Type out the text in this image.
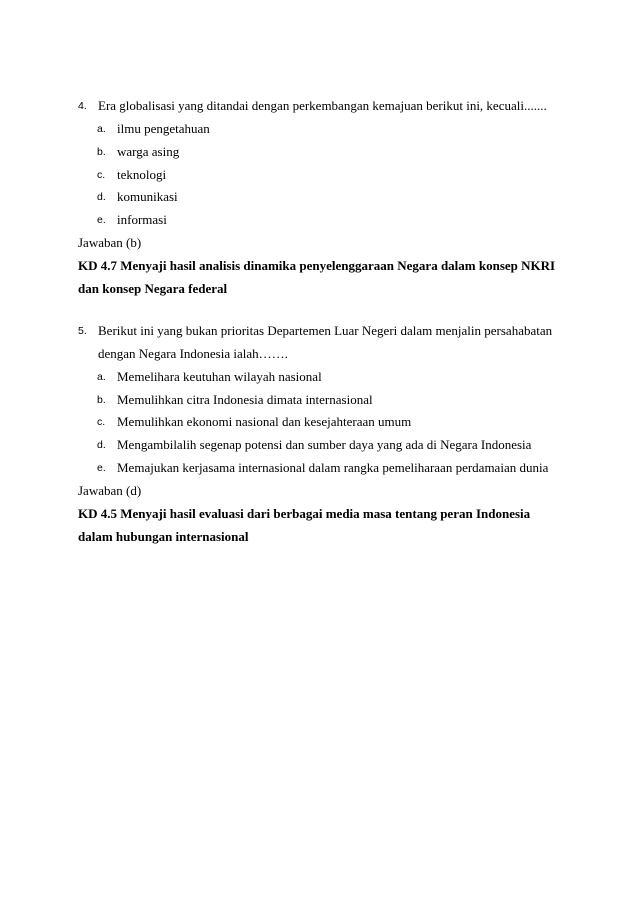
4. Era globalisasi yang ditandai dengan perkembangan kemajuan berikut ini, kecuali.......
a. ilmu pengetahuan
b. warga asing
c. teknologi
d. komunikasi
e. informasi
Jawaban (b)
KD 4.7 Menyaji hasil analisis dinamika penyelenggaraan Negara dalam konsep NKRI
dan konsep Negara federal
5. Berikut ini yang bukan prioritas Departemen Luar Negeri dalam menjalin persahabatan
dengan Negara Indonesia ialah…….
a. Memelihara keutuhan wilayah nasional
b. Memulihkan citra Indonesia dimata internasional
c. Memulihkan ekonomi nasional dan kesejahteraan umum
d. Mengambilalih segenap potensi dan sumber daya yang ada di Negara Indonesia
e. Memajukan kerjasama internasional dalam rangka pemeliharaan perdamaian dunia
Jawaban (d)
KD 4.5 Menyaji hasil evaluasi dari berbagai media masa tentang peran Indonesia
dalam hubungan internasional
